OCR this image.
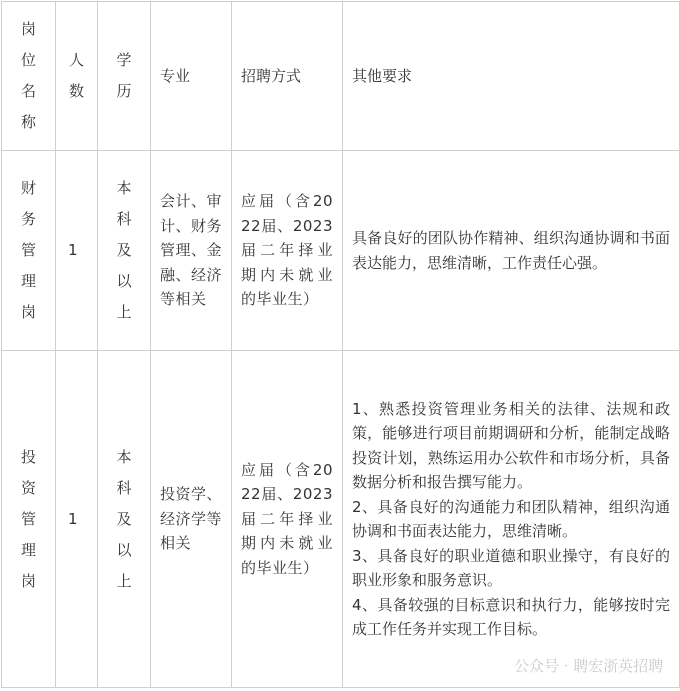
岗位名称	人数	学历	专业	招聘方式	其他要求

财务管理岗	1	本科及以上	会计、审计、财务管理、金融、经济等相关	应届（含2022届、2023届二年择业期内未就业的毕业生）	具备良好的团队协作精神、组织沟通协调和书面表达能力，思维清晰，工作责任心强。

投资管理岗	1	本科及以上	投资学、经济学等相关	应届（含2022届、2023届二年择业期内未就业的毕业生）	1、熟悉投资管理业务相关的法律、法规和政策，能够进行项目前期调研和分析，能制定战略投资计划，熟练运用办公软件和市场分析，具备数据分析和报告撰写能力。
2、具备良好的沟通能力和团队精神，组织沟通协调和书面表达能力，思维清晰。
3、具备良好的职业道德和职业操守，有良好的职业形象和服务意识。
4、具备较强的目标意识和执行力，能够按时完成工作任务并实现工作目标。
公众号 · 聘宏浙英招聘
